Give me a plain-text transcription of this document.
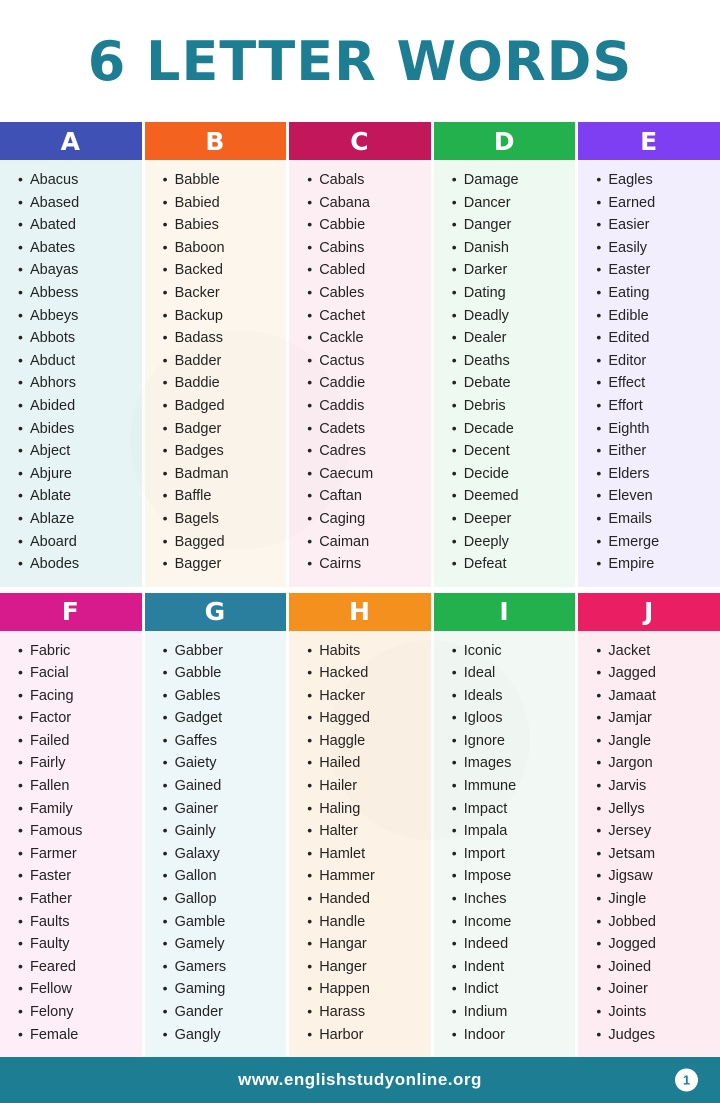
6 LETTER WORDS
A
• Abacus
• Abased
• Abated
• Abates
• Abayas
• Abbess
• Abbeys
• Abbots
• Abduct
• Abhors
• Abided
• Abides
• Abject
• Abjure
• Ablate
• Ablaze
• Aboard
• Abodes
B
• Babble
• Babied
• Babies
• Baboon
• Backed
• Backer
• Backup
• Badass
• Badder
• Baddie
• Badged
• Badger
• Badges
• Badman
• Baffle
• Bagels
• Bagged
• Bagger
C
• Cabals
• Cabana
• Cabbie
• Cabins
• Cabled
• Cables
• Cachet
• Cackle
• Cactus
• Caddie
• Caddis
• Cadets
• Cadres
• Caecum
• Caftan
• Caging
• Caiman
• Cairns
D
• Damage
• Dancer
• Danger
• Danish
• Darker
• Dating
• Deadly
• Dealer
• Deaths
• Debate
• Debris
• Decade
• Decent
• Decide
• Deemed
• Deeper
• Deeply
• Defeat
E
• Eagles
• Earned
• Easier
• Easily
• Easter
• Eating
• Edible
• Edited
• Editor
• Effect
• Effort
• Eighth
• Either
• Elders
• Eleven
• Emails
• Emerge
• Empire
F
• Fabric
• Facial
• Facing
• Factor
• Failed
• Fairly
• Fallen
• Family
• Famous
• Farmer
• Faster
• Father
• Faults
• Faulty
• Feared
• Fellow
• Felony
• Female
G
• Gabber
• Gabble
• Gables
• Gadget
• Gaffes
• Gaiety
• Gained
• Gainer
• Gainly
• Galaxy
• Gallon
• Gallop
• Gamble
• Gamely
• Gamers
• Gaming
• Gander
• Gangly
H
• Habits
• Hacked
• Hacker
• Hagged
• Haggle
• Hailed
• Hailer
• Haling
• Halter
• Hamlet
• Hammer
• Handed
• Handle
• Hangar
• Hanger
• Happen
• Harass
• Harbor
I
• Iconic
• Ideal
• Ideals
• Igloos
• Ignore
• Images
• Immune
• Impact
• Impala
• Import
• Impose
• Inches
• Income
• Indeed
• Indent
• Indict
• Indium
• Indoor
J
• Jacket
• Jagged
• Jamaat
• Jamjar
• Jangle
• Jargon
• Jarvis
• Jellys
• Jersey
• Jetsam
• Jigsaw
• Jingle
• Jobbed
• Jogged
• Joined
• Joiner
• Joints
• Judges
www.englishstudyonline.org	1
